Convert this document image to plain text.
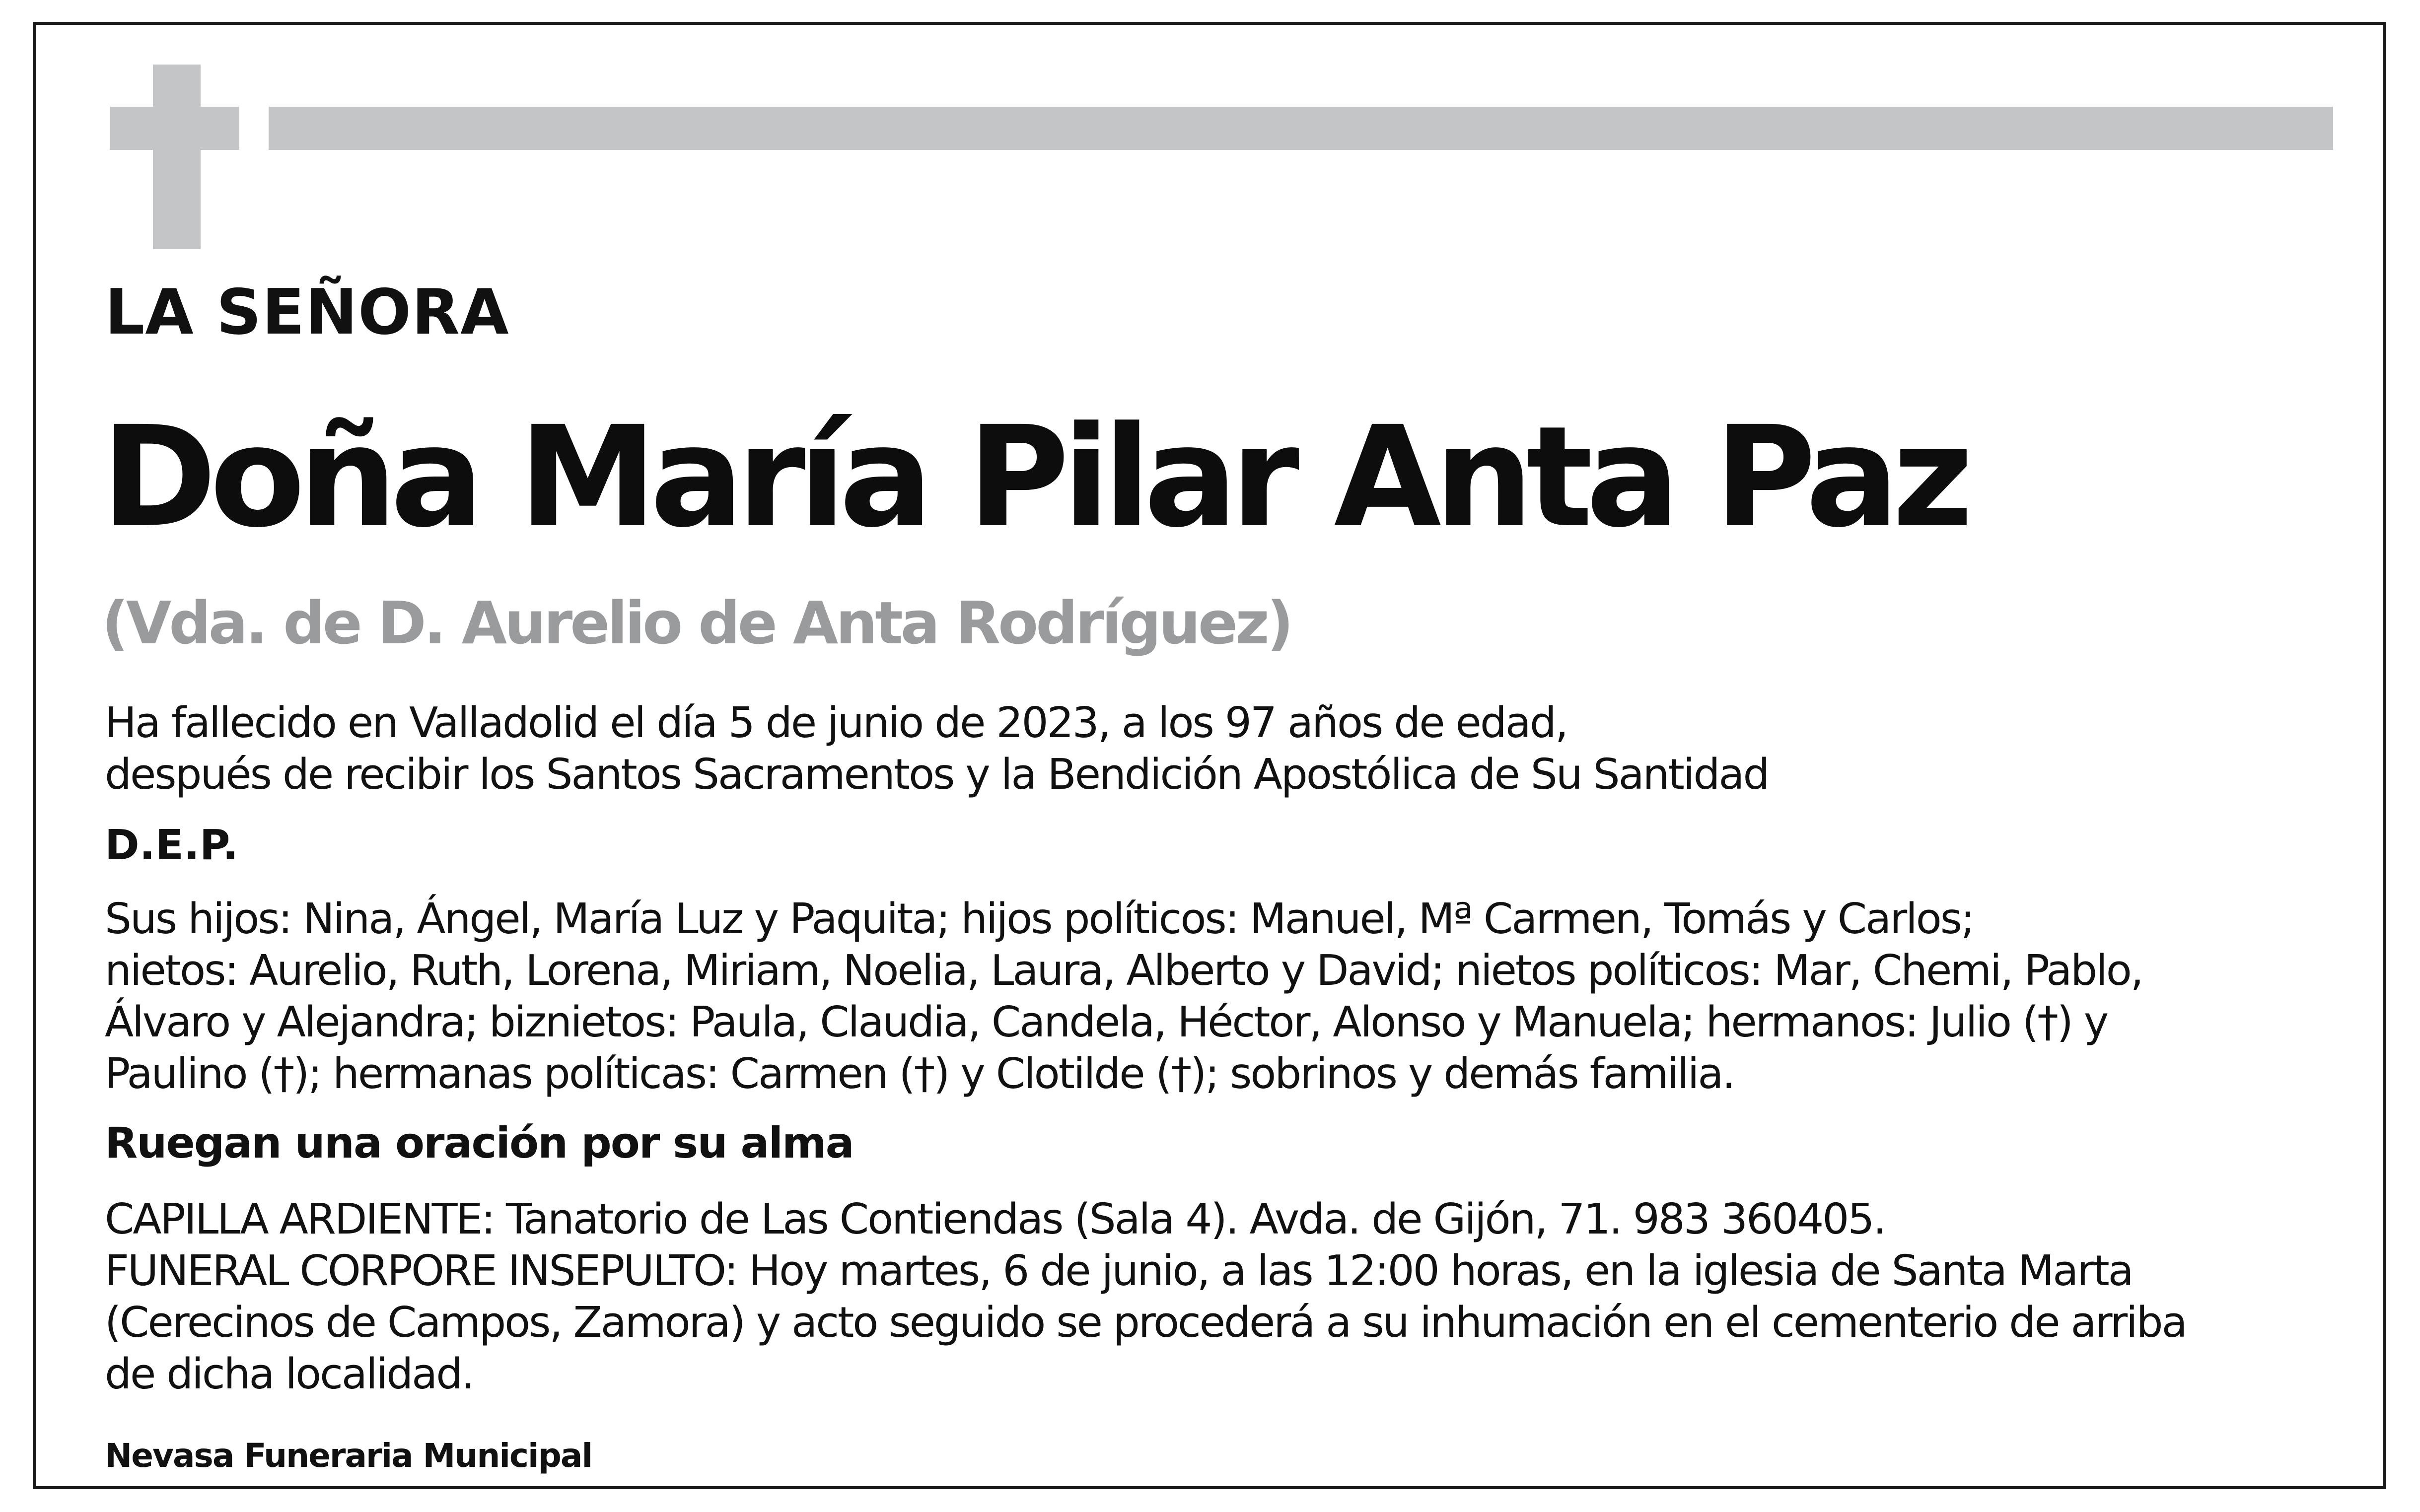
LA SEÑORA
Doña María Pilar Anta Paz
(Vda. de D. Aurelio de Anta Rodríguez)
Ha fallecido en Valladolid el día 5 de junio de 2023, a los 97 años de edad,
después de recibir los Santos Sacramentos y la Bendición Apostólica de Su Santidad
D.E.P.
Sus hijos: Nina, Ángel, María Luz y Paquita; hijos políticos: Manuel, Mª Carmen, Tomás y Carlos;
nietos: Aurelio, Ruth, Lorena, Miriam, Noelia, Laura, Alberto y David; nietos políticos: Mar, Chemi, Pablo,
Álvaro y Alejandra; biznietos: Paula, Claudia, Candela, Héctor, Alonso y Manuela; hermanos: Julio (†) y
Paulino (†); hermanas políticas: Carmen (†) y Clotilde (†); sobrinos y demás familia.
Ruegan una oración por su alma
CAPILLA ARDIENTE: Tanatorio de Las Contiendas (Sala 4). Avda. de Gijón, 71. 983 360405.
FUNERAL CORPORE INSEPULTO: Hoy martes, 6 de junio, a las 12:00 horas, en la iglesia de Santa Marta
(Cerecinos de Campos, Zamora) y acto seguido se procederá a su inhumación en el cementerio de arriba
de dicha localidad.
Nevasa Funeraria Municipal
